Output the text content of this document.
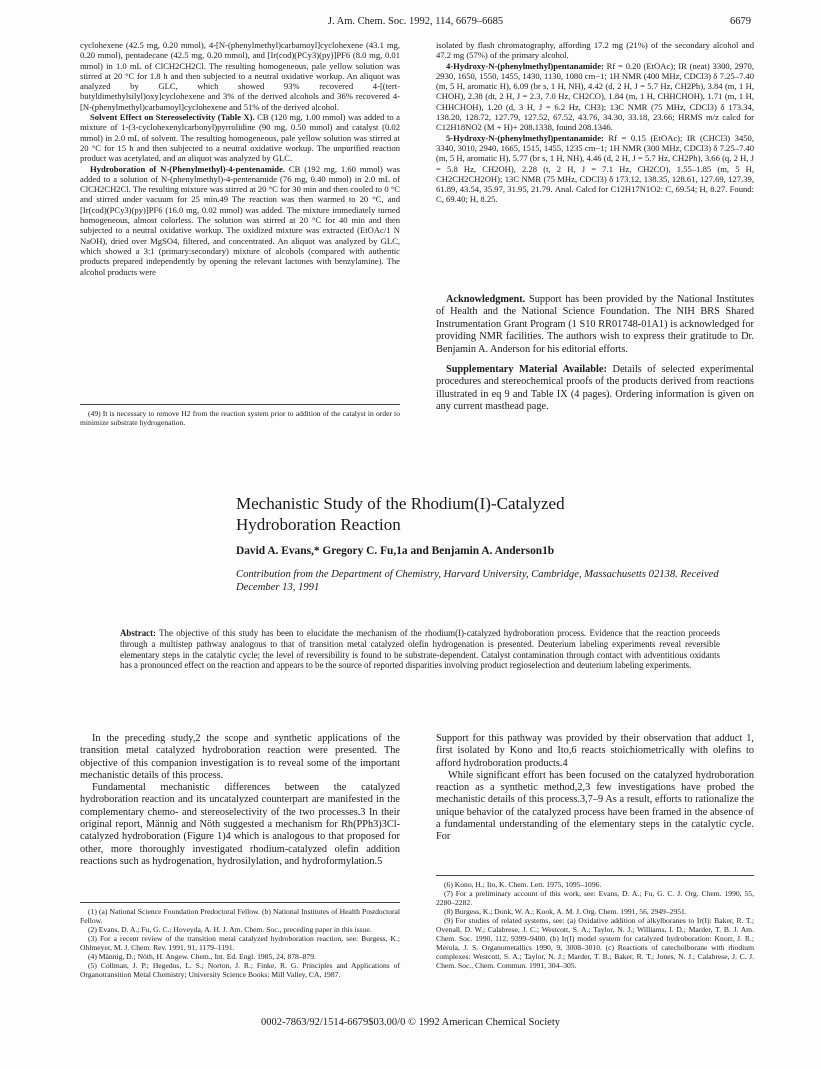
J. Am. Chem. Soc. 1992, 114, 6679–6685	6679

cyclohexene (42.5 mg, 0.20 mmol), 4-[N-(phenylmethyl)carbamoyl]cyclohexene (43.1 mg, 0.20 mmol), pentadecane (42.5 mg, 0.20 mmol), and [Ir(cod)(PCy3)(py)]PF6 (8.0 mg, 0.01 mmol) in 1.0 mL of ClCH2CH2Cl. The resulting homogeneous, pale yellow solution was stirred at 20 °C for 1.8 h and then subjected to a neutral oxidative workup. An aliquot was analyzed by GLC, which showed 93% recovered 4-[(tert-butyldimethylsilyl)oxy]cyclohexene and 3% of the derived alcohols and 36% recovered 4-[N-(phenylmethyl)carbamoyl]cyclohexene and 51% of the derived alcohol.

Solvent Effect on Stereoselectivity (Table X). CB (120 mg, 1.00 mmol) was added to a mixture of 1-(3-cyclohexenylcarbonyl)pyrrolidine (90 mg, 0.50 mmol) and catalyst (0.02 mmol) in 2.0 mL of solvent. The resulting homogeneous, pale yellow solution was stirred at 20 °C for 15 h and then subjected to a neutral oxidative workup. The unpurified reaction product was acetylated, and an aliquot was analyzed by GLC.

Hydroboration of N-(Phenylmethyl)-4-pentenamide. CB (192 mg, 1.60 mmol) was added to a solution of N-(phenylmethyl)-4-pentenamide (76 mg, 0.40 mmol) in 2.0 mL of ClCH2CH2Cl. The resulting mixture was stirred at 20 °C for 30 min and then cooled to 0 °C and stirred under vacuum for 25 min.49 The reaction was then warmed to 20 °C, and [Ir(cod)(PCy3)(py)]PF6 (16.0 mg, 0.02 mmol) was added. The mixture immediately turned homogeneous, almost colorless. The solution was stirred at 20 °C for 40 min and then subjected to a neutral oxidative workup. The oxidized mixture was extracted (EtOAc/1 N NaOH), dried over MgSO4, filtered, and concentrated. An aliquot was analyzed by GLC, which showed a 3:1 (primary:secondary) mixture of alcohols (compared with authentic products prepared independently by opening the relevant lactones with benzylamine). The alcohol products were

(49) It is necessary to remove H2 from the reaction system prior to addition of the catalyst in order to minimize substrate hydrogenation.

isolated by flash chromatography, affording 17.2 mg (21%) of the secondary alcohol and 47.2 mg (57%) of the primary alcohol.

4-Hydroxy-N-(phenylmethyl)pentanamide: Rf = 0.20 (EtOAc); IR (neat) 3300, 2970, 2930, 1650, 1550, 1455, 1430, 1130, 1080 cm−1; 1H NMR (400 MHz, CDCl3) δ 7.25–7.40 (m, 5 H, aromatic H), 6.09 (br s, 1 H, NH), 4.42 (d, 2 H, J = 5.7 Hz, CH2Ph), 3.84 (m, 1 H, CHOH), 2.38 (dt, 2 H, J = 2.3, 7.0 Hz, CH2CO), 1.84 (m, 1 H, CHHCHOH), 1.71 (m, 1 H, CHHCHOH), 1.20 (d, 3 H, J = 6.2 Hz, CH3); 13C NMR (75 MHz, CDCl3) δ 173.34, 138.20, 128.72, 127.79, 127.52, 67.52, 43.76, 34.30, 33.18, 23.66; HRMS m/z calcd for C12H18NO2 (M + H)+ 208.1338, found 208.1346.

5-Hydroxy-N-(phenylmethyl)pentanamide: Rf = 0.15 (EtOAc); IR (CHCl3) 3450, 3340, 3010, 2940, 1665, 1515, 1455, 1235 cm−1; 1H NMR (300 MHz, CDCl3) δ 7.25–7.40 (m, 5 H, aromatic H), 5.77 (br s, 1 H, NH), 4.46 (d, 2 H, J = 5.7 Hz, CH2Ph), 3.66 (q, 2 H, J = 5.8 Hz, CH2OH), 2.28 (t, 2 H, J = 7.1 Hz, CH2CO), 1.55–1.85 (m, 5 H, CH2CH2CH2OH); 13C NMR (75 MHz, CDCl3) δ 173.12, 138.35, 128.61, 127.69, 127.39, 61.89, 43.54, 35.97, 31.95, 21.79. Anal. Calcd for C12H17N1O2: C, 69.54; H, 8.27. Found: C, 69.40; H, 8.25.

Acknowledgment. Support has been provided by the National Institutes of Health and the National Science Foundation. The NIH BRS Shared Instrumentation Grant Program (1 S10 RR01748-01A1) is acknowledged for providing NMR facilities. The authors wish to express their gratitude to Dr. Benjamin A. Anderson for his editorial efforts.

Supplementary Material Available: Details of selected experimental procedures and stereochemical proofs of the products derived from reactions illustrated in eq 9 and Table IX (4 pages). Ordering information is given on any current masthead page.

Mechanistic Study of the Rhodium(I)-Catalyzed
Hydroboration Reaction
David A. Evans,* Gregory C. Fu,1a and Benjamin A. Anderson1b
Contribution from the Department of Chemistry, Harvard University, Cambridge, Massachusetts 02138. Received December 13, 1991
Abstract: The objective of this study has been to elucidate the mechanism of the rhodium(I)-catalyzed hydroboration process. Evidence that the reaction proceeds through a multistep pathway analogous to that of transition metal catalyzed olefin hydrogenation is presented. Deuterium labeling experiments reveal reversible elementary steps in the catalytic cycle; the level of reversibility is found to be substrate-dependent. Catalyst contamination through contact with adventitious oxidants has a pronounced effect on the reaction and appears to be the source of reported disparities involving product regioselection and deuterium labeling experiments.

In the preceding study,2 the scope and synthetic applications of the transition metal catalyzed hydroboration reaction were presented. The objective of this companion investigation is to reveal some of the important mechanistic details of this process.

Fundamental mechanistic differences between the catalyzed hydroboration reaction and its uncatalyzed counterpart are manifested in the complementary chemo- and stereoselectivity of the two processes.3 In their original report, Männig and Nöth suggested a mechanism for Rh(PPh3)3Cl-catalyzed hydroboration (Figure 1)4 which is analogous to that proposed for other, more thoroughly investigated rhodium-catalyzed olefin addition reactions such as hydrogenation, hydrosilylation, and hydroformylation.5

Support for this pathway was provided by their observation that adduct 1, first isolated by Kono and Ito,6 reacts stoichiometrically with olefins to afford hydroboration products.4

While significant effort has been focused on the catalyzed hydroboration reaction as a synthetic method,2,3 few investigations have probed the mechanistic details of this process.3,7–9 As a result, efforts to rationalize the unique behavior of the catalyzed process have been framed in the absence of a fundamental understanding of the elementary steps in the catalytic cycle. For

(1) (a) National Science Foundation Predoctoral Fellow. (b) National Institutes of Health Postdoctoral Fellow.

(2) Evans, D. A.; Fu, G. C.; Hoveyda, A. H. J. Am. Chem. Soc., preceding paper in this issue.

(3) For a recent review of the transition metal catalyzed hydroboration reaction, see: Burgess, K.; Ohlmeyer, M. J. Chem. Rev. 1991, 91, 1179–1191.

(4) Männig, D.; Nöth, H. Angew. Chem., Int. Ed. Engl. 1985, 24, 878–879.

(5) Collman, J. P.; Hegedus, L. S.; Norton, J. R.; Finke, R. G. Principles and Applications of Organotransition Metal Chemistry; University Science Books: Mill Valley, CA, 1987.

(6) Kono, H.; Ito, K. Chem. Lett. 1975, 1095–1096.

(7) For a preliminary account of this work, see: Evans, D. A.; Fu, G. C. J. Org. Chem. 1990, 55, 2280–2282.

(8) Burgess, K.; Donk, W. A.; Kook, A. M. J. Org. Chem. 1991, 56, 2949–2951.

(9) For studies of related systems, see: (a) Oxidative addition of alkylboranes to Ir(I): Baker, R. T.; Ovenall, D. W.; Calabrese, J. C.; Westcott, S. A.; Taylor, N. J.; Williams, I. D.; Marder, T. B. J. Am. Chem. Soc. 1990, 112, 9399–9400. (b) Ir(I) model system for catalyzed hydroboration: Knorr, J. R.; Merola, J. S. Organometallics 1990, 9, 3008–3010. (c) Reactions of catecholborane with rhodium complexes: Westcott, S. A.; Taylor, N. J.; Marder, T. B.; Baker, R. T.; Jones, N. J.; Calabrese, J. C. J. Chem. Soc., Chem. Commun. 1991, 304–305.

0002-7863/92/1514-6679$03.00/0 © 1992 American Chemical Society
